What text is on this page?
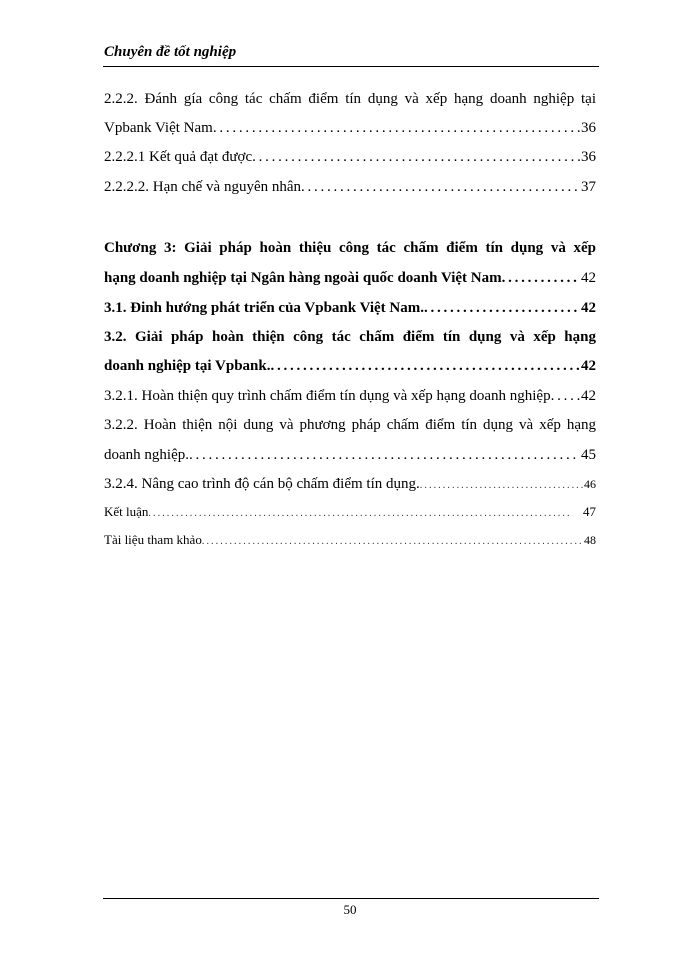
Chuyên đề tốt nghiệp
2.2.2. Đánh gía công tác chấm điểm tín dụng và xếp hạng doanh nghiệp tại
Vpbank Việt Nam . . .	36
2.2.2.1 Kết quả đạt được . . .	36
2.2.2.2. Hạn chế và nguyên nhân . . .	37
Chương 3: Giải pháp hoàn thiệu công tác chấm điểm tín dụng và xếp
hạng doanh nghiệp tại Ngân hàng ngoài quốc doanh Việt Nam . . .	42
3.1. Đinh hướng phát triển của Vpbank Việt Nam. . . .	42
3.2. Giải pháp hoàn thiện công tác chấm điểm tín dụng và xếp hạng
doanh nghiệp tại Vpbank. . . .	42
3.2.1. Hoàn thiện quy trình chấm điểm tín dụng và xếp hạng doanh nghiệp . . . 42
3.2.2. Hoàn thiện nội dung và phương pháp chấm điểm tín dụng và xếp hạng
doanh nghiệp. . . .	45
3.2.4. Nâng cao trình độ cán bộ chấm điểm tín dụng. . . .	46
Kết luận . . .	47
Tài liệu tham khảo . . .	48
50
